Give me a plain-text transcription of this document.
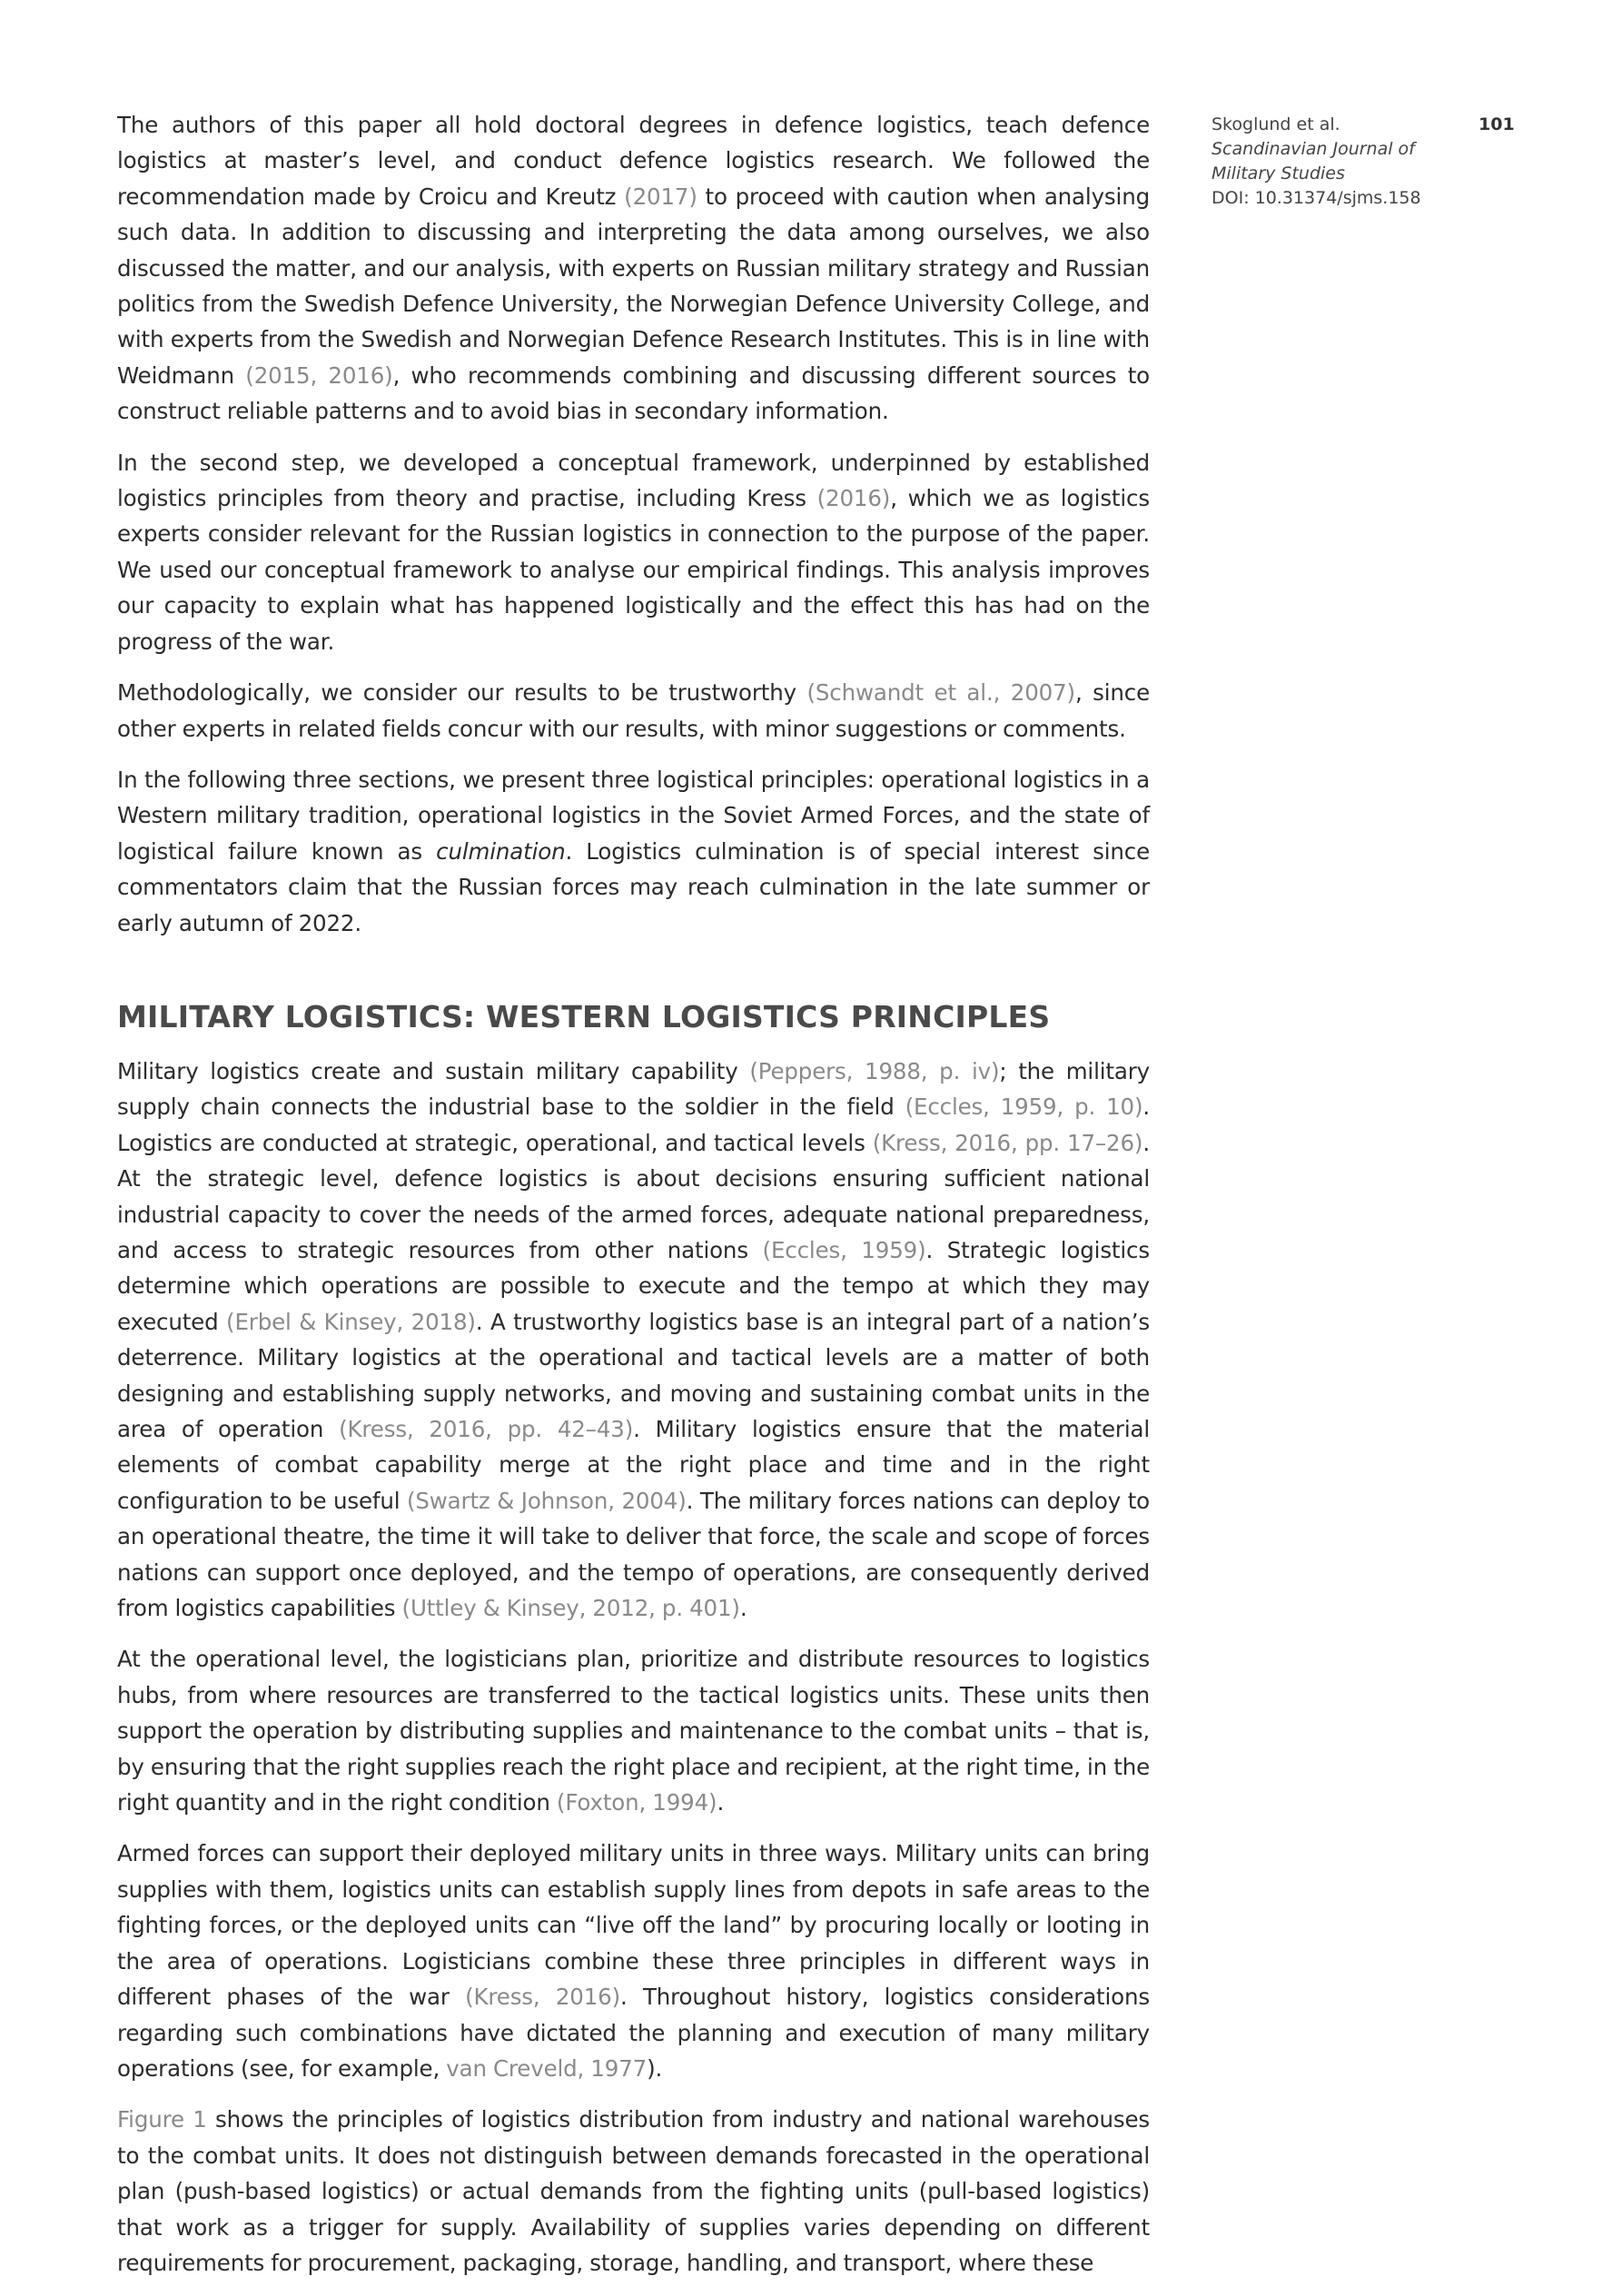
Skoglund et al.
Scandinavian Journal of
Military Studies
DOI: 10.31374/sjms.158
101

The authors of this paper all hold doctoral degrees in defence logistics, teach defence logistics at master’s level, and conduct defence logistics research. We followed the recommendation made by Croicu and Kreutz (2017) to proceed with caution when analysing such data. In addition to discussing and interpreting the data among ourselves, we also discussed the matter, and our analysis, with experts on Russian military strategy and Russian politics from the Swedish Defence University, the Norwegian Defence University College, and with experts from the Swedish and Norwegian Defence Research Institutes. This is in line with Weidmann (2015, 2016), who recommends combining and discussing different sources to construct reliable patterns and to avoid bias in secondary information.

In the second step, we developed a conceptual framework, underpinned by established logistics principles from theory and practise, including Kress (2016), which we as logistics experts consider relevant for the Russian logistics in connection to the purpose of the paper. We used our conceptual framework to analyse our empirical findings. This analysis improves our capacity to explain what has happened logistically and the effect this has had on the progress of the war.

Methodologically, we consider our results to be trustworthy (Schwandt et al., 2007), since other experts in related fields concur with our results, with minor suggestions or comments.

In the following three sections, we present three logistical principles: operational logistics in a Western military tradition, operational logistics in the Soviet Armed Forces, and the state of logistical failure known as culmination. Logistics culmination is of special interest since commentators claim that the Russian forces may reach culmination in the late summer or early autumn of 2022.

MILITARY LOGISTICS: WESTERN LOGISTICS PRINCIPLES

Military logistics create and sustain military capability (Peppers, 1988, p. iv); the military supply chain connects the industrial base to the soldier in the field (Eccles, 1959, p. 10). Logistics are conducted at strategic, operational, and tactical levels (Kress, 2016, pp. 17–26). At the strategic level, defence logistics is about decisions ensuring sufficient national industrial capacity to cover the needs of the armed forces, adequate national preparedness, and access to strategic resources from other nations (Eccles, 1959). Strategic logistics determine which operations are possible to execute and the tempo at which they may executed (Erbel & Kinsey, 2018). A trustworthy logistics base is an integral part of a nation’s deterrence. Military logistics at the operational and tactical levels are a matter of both designing and establishing supply networks, and moving and sustaining combat units in the area of operation (Kress, 2016, pp. 42–43). Military logistics ensure that the material elements of combat capability merge at the right place and time and in the right configuration to be useful (Swartz & Johnson, 2004). The military forces nations can deploy to an operational theatre, the time it will take to deliver that force, the scale and scope of forces nations can support once deployed, and the tempo of operations, are consequently derived from logistics capabilities (Uttley & Kinsey, 2012, p. 401).

At the operational level, the logisticians plan, prioritize and distribute resources to logistics hubs, from where resources are transferred to the tactical logistics units. These units then support the operation by distributing supplies and maintenance to the combat units – that is, by ensuring that the right supplies reach the right place and recipient, at the right time, in the right quantity and in the right condition (Foxton, 1994).

Armed forces can support their deployed military units in three ways. Military units can bring supplies with them, logistics units can establish supply lines from depots in safe areas to the fighting forces, or the deployed units can “live off the land” by procuring locally or looting in the area of operations. Logisticians combine these three principles in different ways in different phases of the war (Kress, 2016). Throughout history, logistics considerations regarding such combinations have dictated the planning and execution of many military operations (see, for example, van Creveld, 1977).

Figure 1 shows the principles of logistics distribution from industry and national warehouses to the combat units. It does not distinguish between demands forecasted in the operational plan (push-based logistics) or actual demands from the fighting units (pull-based logistics) that work as a trigger for supply. Availability of supplies varies depending on different requirements for procurement, packaging, storage, handling, and transport, where these
